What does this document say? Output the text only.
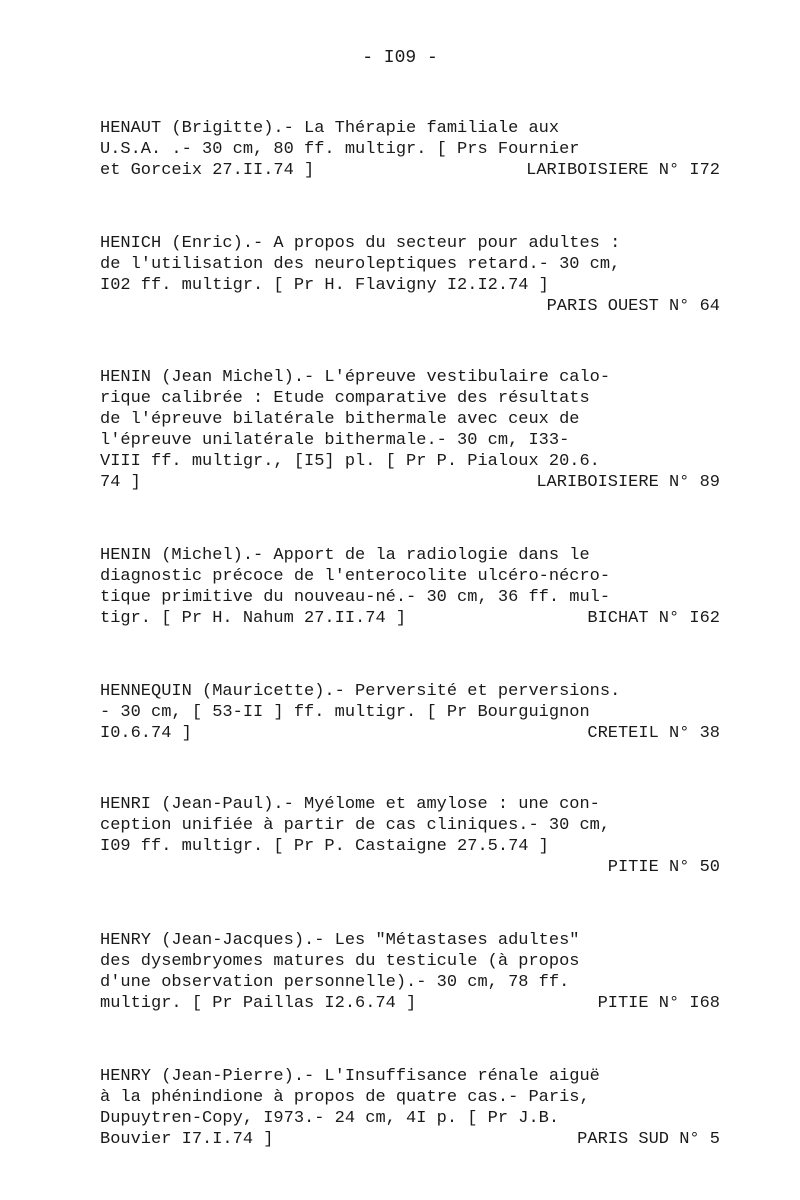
- I09 -
HENAUT (Brigitte).- La Thérapie familiale aux
U.S.A. .- 30 cm, 80 ff. multigr. [ Prs Fournier
et Gorceix 27.II.74 ]	LARIBOISIERE N° I72
HENICH (Enric).- A propos du secteur pour adultes :
de l'utilisation des neuroleptiques retard.- 30 cm,
I02 ff. multigr. [ Pr H. Flavigny I2.I2.74 ]
PARIS OUEST N° 64
HENIN (Jean Michel).- L'épreuve vestibulaire calo-
rique calibrée : Etude comparative des résultats
de l'épreuve bilatérale bithermale avec ceux de
l'épreuve unilatérale bithermale.- 30 cm, I33-
VIII ff. multigr., [I5] pl. [ Pr P. Pialoux 20.6.
74 ]	LARIBOISIERE N° 89
HENIN (Michel).- Apport de la radiologie dans le
diagnostic précoce de l'enterocolite ulcéro-nécro-
tique primitive du nouveau-né.- 30 cm, 36 ff. mul-
tigr. [ Pr H. Nahum 27.II.74 ]	BICHAT N° I62
HENNEQUIN (Mauricette).- Perversité et perversions.
- 30 cm, [ 53-II ] ff. multigr. [ Pr Bourguignon
I0.6.74 ]	CRETEIL N° 38
HENRI (Jean-Paul).- Myélome et amylose : une con-
ception unifiée à partir de cas cliniques.- 30 cm,
I09 ff. multigr. [ Pr P. Castaigne 27.5.74 ]
PITIE N° 50
HENRY (Jean-Jacques).- Les "Métastases adultes"
des dysembryomes matures du testicule (à propos
d'une observation personnelle).- 30 cm, 78 ff.
multigr. [ Pr Paillas I2.6.74 ]	PITIE N° I68
HENRY (Jean-Pierre).- L'Insuffisance rénale aiguë
à la phénindione à propos de quatre cas.- Paris,
Dupuytren-Copy, I973.- 24 cm, 4I p. [ Pr J.B.
Bouvier I7.I.74 ]	PARIS SUD N° 5
